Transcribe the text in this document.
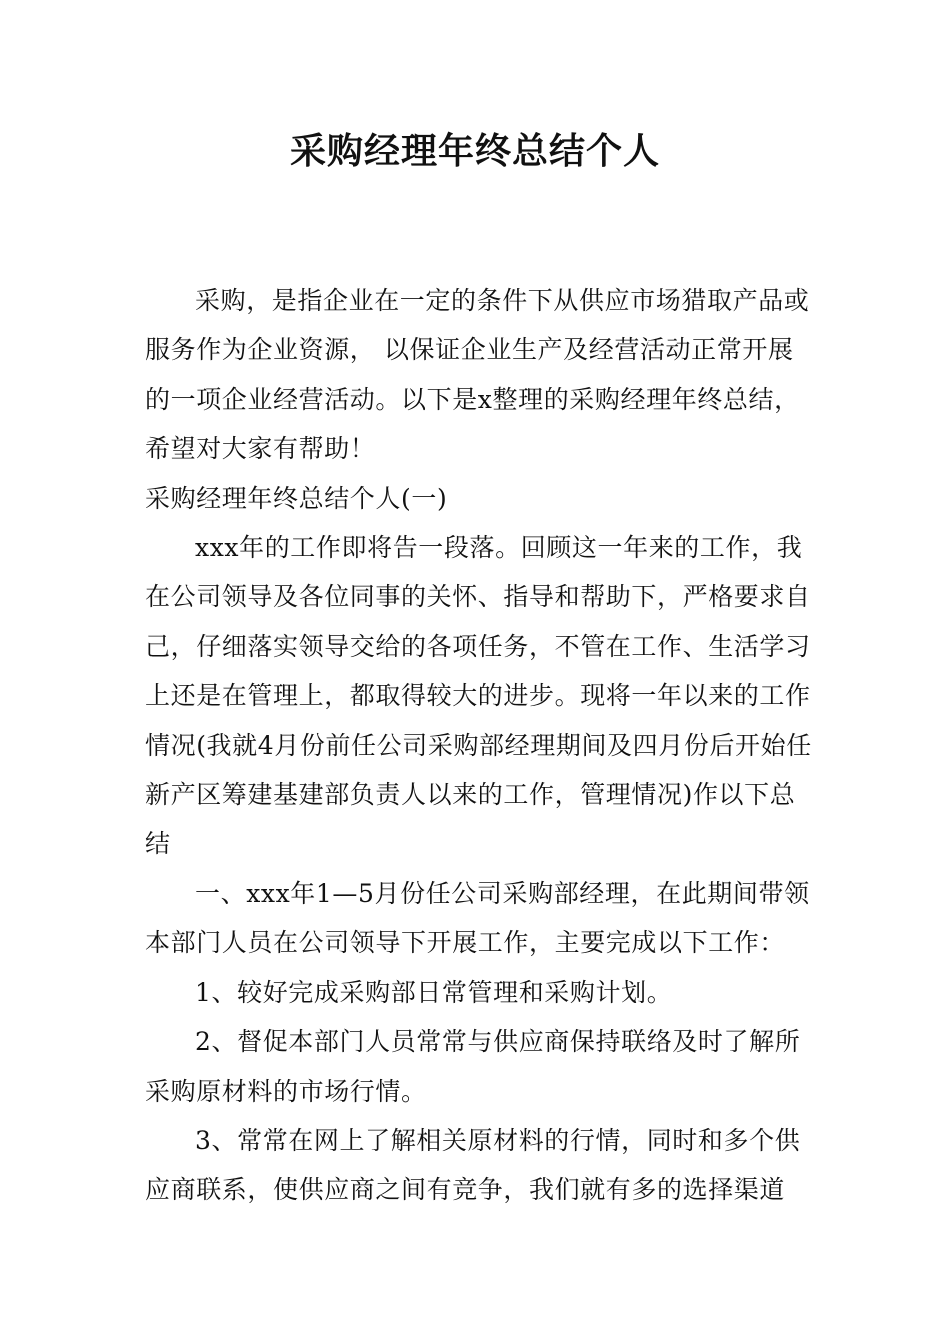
采购经理年终总结个人

采购，是指企业在一定的条件下从供应市场猎取产品或服务作为企业资源， 以保证企业生产及经营活动正常开展的一项企业经营活动。以下是x整理的采购经理年终总结，希望对大家有帮助！

采购经理年终总结个人(一)

xxx年的工作即将告一段落。回顾这一年来的工作，我在公司领导及各位同事的关怀、指导和帮助下，严格要求自己，仔细落实领导交给的各项任务，不管在工作、生活学习上还是在管理上，都取得较大的进步。现将一年以来的工作情况(我就4月份前任公司采购部经理期间及四月份后开始任新产区筹建基建部负责人以来的工作，管理情况)作以下总结

一、xxx年1—5月份任公司采购部经理，在此期间带领本部门人员在公司领导下开展工作，主要完成以下工作：

1、较好完成采购部日常管理和采购计划。

2、督促本部门人员常常与供应商保持联络及时了解所采购原材料的市场行情。

3、常常在网上了解相关原材料的行情，同时和多个供应商联系，使供应商之间有竞争，我们就有多的选择渠道
